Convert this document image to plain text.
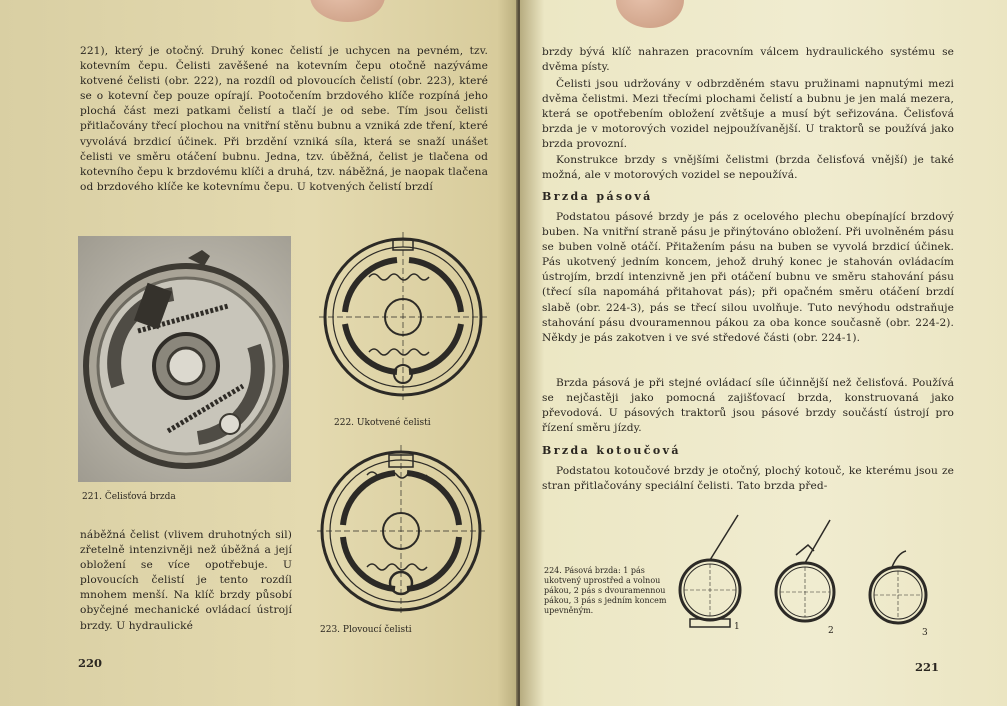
221), který je otočný. Druhý konec čelistí je uchycen na pevném, tzv. kotevním čepu. Čelisti zavěšené na kotevním čepu otočně nazýváme kotvené čelisti (obr. 222), na rozdíl od plovoucích čelistí (obr. 223), které se o kotevní čep pouze opírají. Pootočením brzdového klíče rozpíná jeho plochá část mezi patkami čelistí a tlačí je od sebe. Tím jsou čelisti přitlačovány třecí plochou na vnitřní stěnu bubnu a vzniká zde tření, které vyvolává brzdicí účinek. Při brzdění vzniká síla, která se snaží unášet čelisti ve směru otáčení bubnu. Jedna, tzv. úběžná, čelist je tlačena od kotevního čepu k brzdovému klíči a druhá, tzv. náběžná, je naopak tlačena od brzdového klíče ke kotevnímu čepu. U kotvených čelistí brzdí

221. Čelisťová brzda

222. Ukotvené čelisti

223. Plovoucí čelisti

náběžná čelist (vlivem druhotných sil) zřetelně intenzivněji než úběžná a její obložení se více opotřebuje. U plovoucích čelistí je tento rozdíl mnohem menší. Na klíč brzdy působí obyčejné mechanické ovládací ústrojí brzdy. U hydraulické

220

brzdy bývá klíč nahrazen pracovním válcem hydraulického systému se dvěma písty.

Čelisti jsou udržovány v odbrzděném stavu pružinami napnutými mezi dvěma čelistmi. Mezi třecími plochami čelistí a bubnu je jen malá mezera, která se opotřebením obložení zvětšuje a musí být seřizována. Čelisťová brzda je v motorových vozidel nejpoužívanější. U traktorů se používá jako brzda provozní.

Konstrukce brzdy s vnějšími čelistmi (brzda čelisťová vnější) je také možná, ale v motorových vozidel se nepoužívá.

Brzda pásová

Podstatou pásové brzdy je pás z ocelového plechu obepínající brzdový buben. Na vnitřní straně pásu je přinýtováno obložení. Při uvolněném pásu se buben volně otáčí. Přitažením pásu na buben se vyvolá brzdicí účinek. Pás ukotvený jedním koncem, jehož druhý konec je stahován ovládacím ústrojím, brzdí intenzivně jen při otáčení bubnu ve směru stahování pásu (třecí síla napomáhá přitahovat pás); při opačném směru otáčení brzdí slabě (obr. 224-3), pás se třecí silou uvolňuje. Tuto nevýhodu odstraňuje stahování pásu dvouramennou pákou za oba konce současně (obr. 224-2). Někdy je pás zakotven i ve své středové části (obr. 224-1).

Brzda pásová je při stejné ovládací síle účinnější než čelisťová. Používá se nejčastěji jako pomocná zajišťovací brzda, konstruovaná jako převodová. U pásových traktorů jsou pásové brzdy součástí ústrojí pro řízení směru jízdy.

Brzda kotoučová

Podstatou kotoučové brzdy je otočný, plochý kotouč, ke kterému jsou ze stran přitlačovány speciální čelisti. Tato brzda před-

224. Pásová brzda: 1 pás ukotvený uprostřed a volnou pákou, 2 pás s dvouramennou pákou, 3 pás s jedním koncem upevněným.

1	2	3

221
